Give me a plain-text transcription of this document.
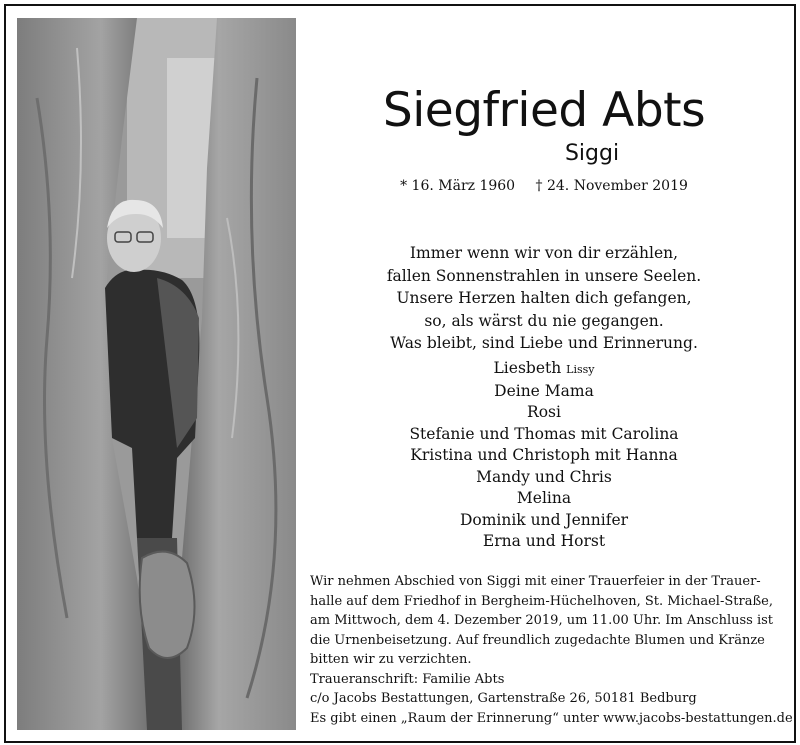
Siegfried Abts
Siggi
* 16. März 1960 † 24. November 2019
Immer wenn wir von dir erzählen,
fallen Sonnenstrahlen in unsere Seelen.
Unsere Herzen halten dich gefangen,
so, als wärst du nie gegangen.
Was bleibt, sind Liebe und Erinnerung.
Liesbeth Lissy
Deine Mama
Rosi
Stefanie und Thomas mit Carolina
Kristina und Christoph mit Hanna
Mandy und Chris
Melina
Dominik und Jennifer
Erna und Horst
Wir nehmen Abschied von Siggi mit einer Trauerfeier in der Trauer-
halle auf dem Friedhof in Bergheim-Hüchelhoven, St. Michael-Straße,
am Mittwoch, dem 4. Dezember 2019, um 11.00 Uhr. Im Anschluss ist
die Urnenbeisetzung. Auf freundlich zugedachte Blumen und Kränze
bitten wir zu verzichten.
Traueranschrift: Familie Abts
c/o Jacobs Bestattungen, Gartenstraße 26, 50181 Bedburg
Es gibt einen „Raum der Erinnerung“ unter www.jacobs-bestattungen.de
